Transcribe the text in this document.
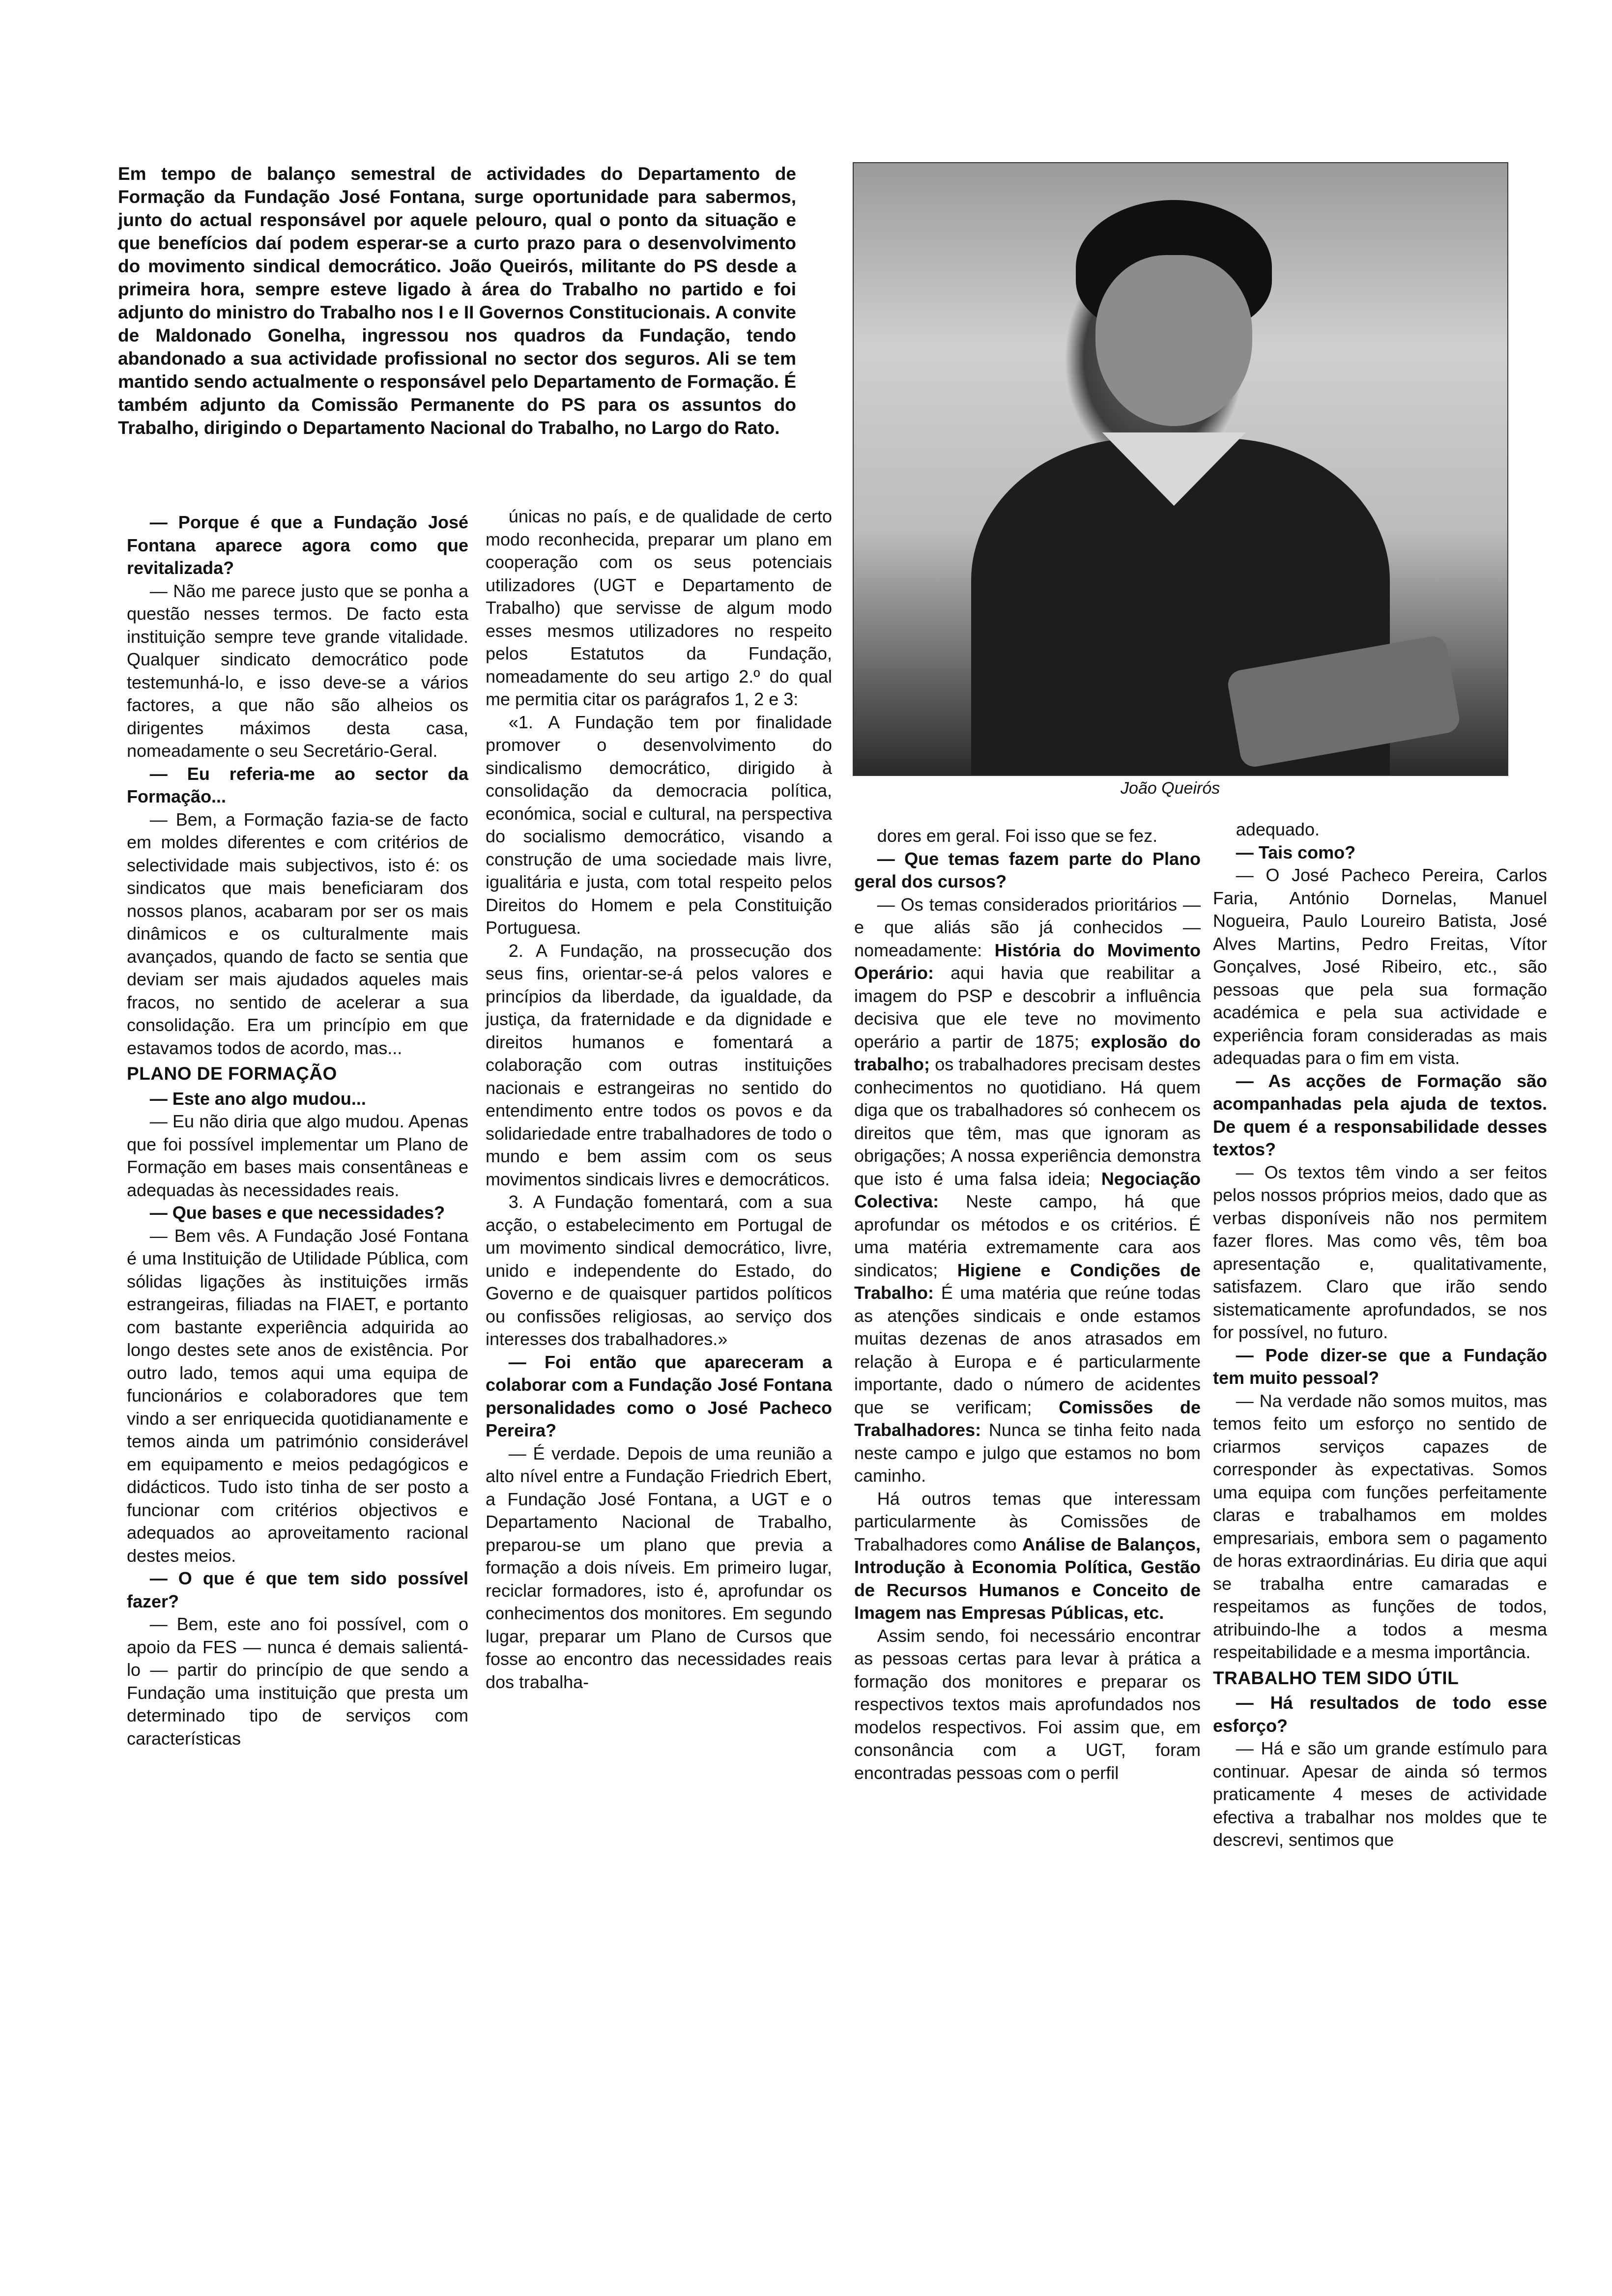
Em tempo de balanço semestral de actividades do Departamento de Formação da Fundação José Fontana, surge oportunidade para sabermos, junto do actual responsável por aquele pelouro, qual o ponto da situação e que benefícios daí podem esperar-se a curto prazo para o desenvolvimento do movimento sindical democrático. João Queirós, militante do PS desde a primeira hora, sempre esteve ligado à área do Trabalho no partido e foi adjunto do ministro do Trabalho nos I e II Governos Constitucionais. A convite de Maldonado Gonelha, ingressou nos quadros da Fundação, tendo abandonado a sua actividade profissional no sector dos seguros. Ali se tem mantido sendo actualmente o responsável pelo Departamento de Formação. É também adjunto da Comissão Permanente do PS para os assuntos do Trabalho, dirigindo o Departamento Nacional do Trabalho, no Largo do Rato.

João Queirós

— Porque é que a Fundação José Fontana aparece agora como que revitalizada?

— Não me parece justo que se ponha a questão nesses termos. De facto esta instituição sempre teve grande vitalidade. Qualquer sindicato democrático pode testemunhá-lo, e isso deve-se a vários factores, a que não são alheios os dirigentes máximos desta casa, nomeadamente o seu Secretário-Geral.

— Eu referia-me ao sector da Formação...

— Bem, a Formação fazia-se de facto em moldes diferentes e com critérios de selectividade mais subjectivos, isto é: os sindicatos que mais beneficiaram dos nossos planos, acabaram por ser os mais dinâmicos e os culturalmente mais avançados, quando de facto se sentia que deviam ser mais ajudados aqueles mais fracos, no sentido de acelerar a sua consolidação. Era um princípio em que estavamos todos de acordo, mas...

PLANO DE FORMAÇÃO

— Este ano algo mudou...

— Eu não diria que algo mudou. Apenas que foi possível implementar um Plano de Formação em bases mais consentâneas e adequadas às necessidades reais.

— Que bases e que necessidades?

— Bem vês. A Fundação José Fontana é uma Instituição de Utilidade Pública, com sólidas ligações às instituições irmãs estrangeiras, filiadas na FIAET, e portanto com bastante experiência adquirida ao longo destes sete anos de existência. Por outro lado, temos aqui uma equipa de funcionários e colaboradores que tem vindo a ser enriquecida quotidianamente e temos ainda um património considerável em equipamento e meios pedagógicos e didácticos. Tudo isto tinha de ser posto a funcionar com critérios objectivos e adequados ao aproveitamento racional destes meios.

— O que é que tem sido possível fazer?

— Bem, este ano foi possível, com o apoio da FES — nunca é demais salientá-lo — partir do princípio de que sendo a Fundação uma instituição que presta um determinado tipo de serviços com características

únicas no país, e de qualidade de certo modo reconhecida, preparar um plano em cooperação com os seus potenciais utilizadores (UGT e Departamento de Trabalho) que servisse de algum modo esses mesmos utilizadores no respeito pelos Estatutos da Fundação, nomeadamente do seu artigo 2.º do qual me permitia citar os parágrafos 1, 2 e 3:

«1. A Fundação tem por finalidade promover o desenvolvimento do sindicalismo democrático, dirigido à consolidação da democracia política, económica, social e cultural, na perspectiva do socialismo democrático, visando a construção de uma sociedade mais livre, igualitária e justa, com total respeito pelos Direitos do Homem e pela Constituição Portuguesa.

2. A Fundação, na prossecução dos seus fins, orientar-se-á pelos valores e princípios da liberdade, da igualdade, da justiça, da fraternidade e da dignidade e direitos humanos e fomentará a colaboração com outras instituições nacionais e estrangeiras no sentido do entendimento entre todos os povos e da solidariedade entre trabalhadores de todo o mundo e bem assim com os seus movimentos sindicais livres e democráticos.

3. A Fundação fomentará, com a sua acção, o estabelecimento em Portugal de um movimento sindical democrático, livre, unido e independente do Estado, do Governo e de quaisquer partidos políticos ou confissões religiosas, ao serviço dos interesses dos trabalhadores.»

— Foi então que apareceram a colaborar com a Fundação José Fontana personalidades como o José Pacheco Pereira?

— É verdade. Depois de uma reunião a alto nível entre a Fundação Friedrich Ebert, a Fundação José Fontana, a UGT e o Departamento Nacional de Trabalho, preparou-se um plano que previa a formação a dois níveis. Em primeiro lugar, reciclar formadores, isto é, aprofundar os conhecimentos dos monitores. Em segundo lugar, preparar um Plano de Cursos que fosse ao encontro das necessidades reais dos trabalha-

dores em geral. Foi isso que se fez.

— Que temas fazem parte do Plano geral dos cursos?

— Os temas considerados prioritários — e que aliás são já conhecidos — nomeadamente: História do Movimento Operário: aqui havia que reabilitar a imagem do PSP e descobrir a influência decisiva que ele teve no movimento operário a partir de 1875; explosão do trabalho; os trabalhadores precisam destes conhecimentos no quotidiano. Há quem diga que os trabalhadores só conhecem os direitos que têm, mas que ignoram as obrigações; A nossa experiência demonstra que isto é uma falsa ideia; Negociação Colectiva: Neste campo, há que aprofundar os métodos e os critérios. É uma matéria extremamente cara aos sindicatos; Higiene e Condições de Trabalho: É uma matéria que reúne todas as atenções sindicais e onde estamos muitas dezenas de anos atrasados em relação à Europa e é particularmente importante, dado o número de acidentes que se verificam; Comissões de Trabalhadores: Nunca se tinha feito nada neste campo e julgo que estamos no bom caminho.

Há outros temas que interessam particularmente às Comissões de Trabalhadores como Análise de Balanços, Introdução à Economia Política, Gestão de Recursos Humanos e Conceito de Imagem nas Empresas Públicas, etc.

Assim sendo, foi necessário encontrar as pessoas certas para levar à prática a formação dos monitores e preparar os respectivos textos mais aprofundados nos modelos respectivos. Foi assim que, em consonância com a UGT, foram encontradas pessoas com o perfil

adequado.

— Tais como?

— O José Pacheco Pereira, Carlos Faria, António Dornelas, Manuel Nogueira, Paulo Loureiro Batista, José Alves Martins, Pedro Freitas, Vítor Gonçalves, José Ribeiro, etc., são pessoas que pela sua formação académica e pela sua actividade e experiência foram consideradas as mais adequadas para o fim em vista.

— As acções de Formação são acompanhadas pela ajuda de textos. De quem é a responsabilidade desses textos?

— Os textos têm vindo a ser feitos pelos nossos próprios meios, dado que as verbas disponíveis não nos permitem fazer flores. Mas como vês, têm boa apresentação e, qualitativamente, satisfazem. Claro que irão sendo sistematicamente aprofundados, se nos for possível, no futuro.

— Pode dizer-se que a Fundação tem muito pessoal?

— Na verdade não somos muitos, mas temos feito um esforço no sentido de criarmos serviços capazes de corresponder às expectativas. Somos uma equipa com funções perfeitamente claras e trabalhamos em moldes empresariais, embora sem o pagamento de horas extraordinárias. Eu diria que aqui se trabalha entre camaradas e respeitamos as funções de todos, atribuindo-lhe a todos a mesma respeitabilidade e a mesma importância.

TRABALHO TEM SIDO ÚTIL

— Há resultados de todo esse esforço?

— Há e são um grande estímulo para continuar. Apesar de ainda só termos praticamente 4 meses de actividade efectiva a trabalhar nos moldes que te descrevi, sentimos que
